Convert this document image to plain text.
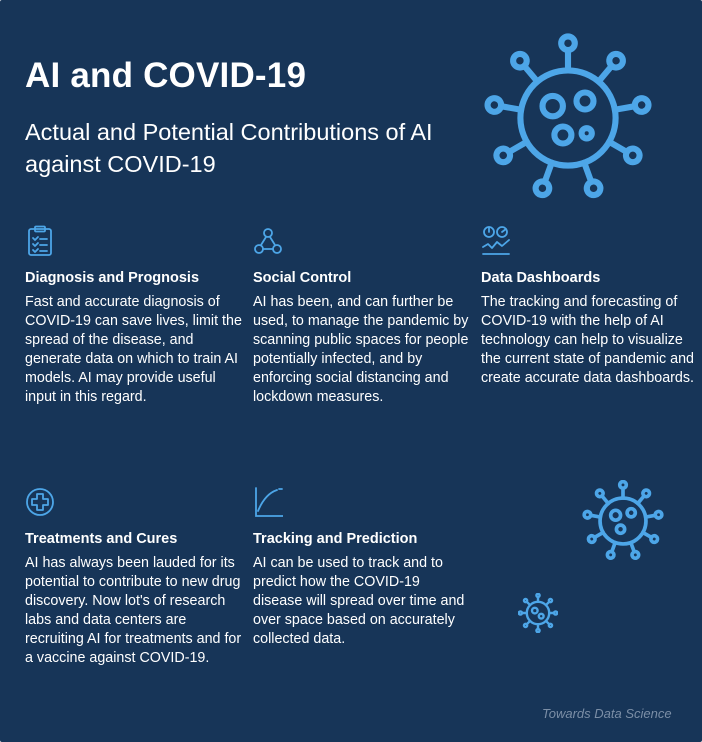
AI and COVID-19
Actual and Potential Contributions of AI against COVID-19
Diagnosis and Prognosis

Fast and accurate diagnosis of COVID-19 can save lives, limit the spread of the disease, and generate data on which to train AI models. AI may provide useful input in this regard.

Social Control

AI has been, and can further be used, to manage the pandemic by scanning public spaces for people potentially infected, and by enforcing social distancing and lockdown measures.

Data Dashboards

The tracking and forecasting of COVID-19 with the help of AI technology can help to visualize the current state of pandemic and create accurate data dashboards.

Treatments and Cures

AI has always been lauded for its potential to contribute to new drug discovery. Now lot's of research labs and data centers are recruiting AI for treatments and for a vaccine against COVID-19.

Tracking and Prediction

AI can be used to track and to predict how the COVID-19 disease will spread over time and over space based on accurately collected data.

Towards Data Science
